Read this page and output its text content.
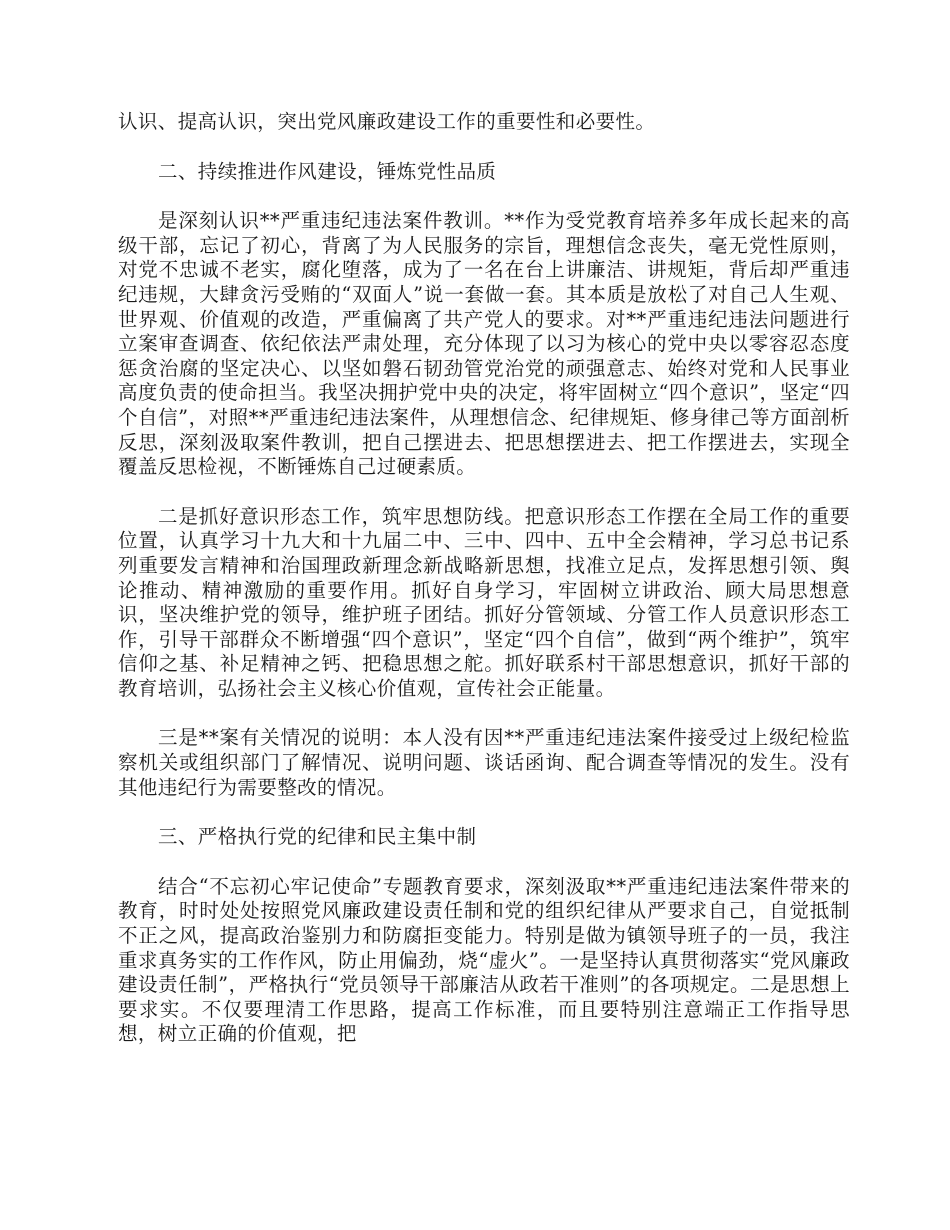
认识、提高认识，突出党风廉政建设工作的重要性和必要性。

二、持续推进作风建设，锤炼党性品质

是深刻认识**严重违纪违法案件教训。**作为受党教育培养多年成长起来的高级干部，忘记了初心，背离了为人民服务的宗旨，理想信念丧失，毫无党性原则，对党不忠诚不老实，腐化堕落，成为了一名在台上讲廉洁、讲规矩，背后却严重违纪违规，大肆贪污受贿的“双面人”说一套做一套。其本质是放松了对自己人生观、世界观、价值观的改造，严重偏离了共产党人的要求。对**严重违纪违法问题进行立案审查调查、依纪依法严肃处理，充分体现了以习为核心的党中央以零容忍态度惩贪治腐的坚定决心、以坚如磐石韧劲管党治党的顽强意志、始终对党和人民事业高度负责的使命担当。我坚决拥护党中央的决定，将牢固树立“四个意识”，坚定“四个自信”，对照**严重违纪违法案件，从理想信念、纪律规矩、修身律己等方面剖析反思，深刻汲取案件教训，把自己摆进去、把思想摆进去、把工作摆进去，实现全覆盖反思检视，不断锤炼自己过硬素质。

二是抓好意识形态工作，筑牢思想防线。把意识形态工作摆在全局工作的重要位置，认真学习十九大和十九届二中、三中、四中、五中全会精神，学习总书记系列重要发言精神和治国理政新理念新战略新思想，找准立足点，发挥思想引领、舆论推动、精神激励的重要作用。抓好自身学习，牢固树立讲政治、顾大局思想意识，坚决维护党的领导，维护班子团结。抓好分管领域、分管工作人员意识形态工作，引导干部群众不断增强“四个意识”，坚定“四个自信”，做到“两个维护”，筑牢信仰之基、补足精神之钙、把稳思想之舵。抓好联系村干部思想意识，抓好干部的教育培训，弘扬社会主义核心价值观，宣传社会正能量。

三是**案有关情况的说明：本人没有因**严重违纪违法案件接受过上级纪检监察机关或组织部门了解情况、说明问题、谈话函询、配合调查等情况的发生。没有其他违纪行为需要整改的情况。

三、严格执行党的纪律和民主集中制

结合“不忘初心牢记使命”专题教育要求，深刻汲取**严重违纪违法案件带来的教育，时时处处按照党风廉政建设责任制和党的组织纪律从严要求自己，自觉抵制不正之风，提高政治鉴别力和防腐拒变能力。特别是做为镇领导班子的一员，我注重求真务实的工作作风，防止用偏劲，烧“虚火”。一是坚持认真贯彻落实“党风廉政建设责任制”，严格执行“党员领导干部廉洁从政若干准则”的各项规定。二是思想上要求实。不仅要理清工作思路，提高工作标准，而且要特别注意端正工作指导思想，树立正确的价值观，把
